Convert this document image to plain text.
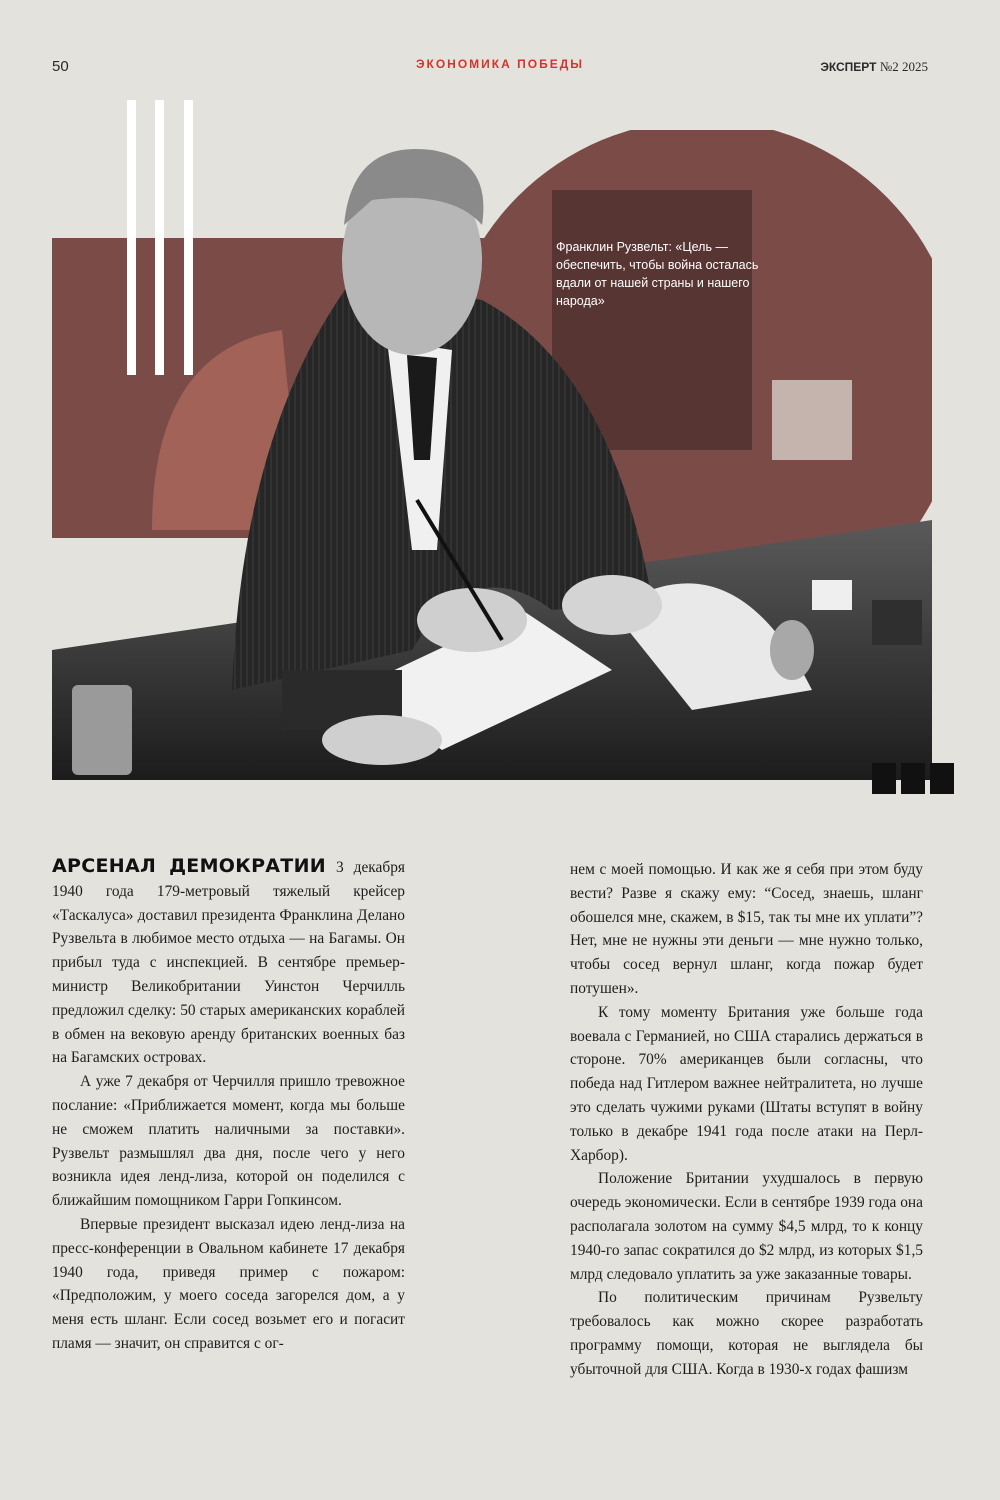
50	ЭКОНОМИКА ПОБЕДЫ	ЭКСПЕРТ №2 2025
Франклин Рузвельт: «Цель — обеспечить, чтобы война осталась вдали от нашей страны и нашего народа»

АРСЕНАЛ ДЕМОКРАТИИ 3 декабря 1940 года 179-метровый тяжелый крейсер «Таскалуса» доставил президента Франклина Делано Рузвельта в любимое место отдыха — на Багамы. Он прибыл туда с инспекцией. В сентябре премьер-министр Великобритании Уинстон Черчилль предложил сделку: 50 старых американских кораблей в обмен на вековую аренду британских военных баз на Багамских островах.

А уже 7 декабря от Черчилля пришло тревожное послание: «Приближается момент, когда мы больше не сможем платить наличными за поставки». Рузвельт размышлял два дня, после чего у него возникла идея ленд-лиза, которой он поделился с ближайшим помощником Гарри Гопкинсом.

Впервые президент высказал идею ленд-лиза на пресс-конференции в Овальном кабинете 17 декабря 1940 года, приведя пример с пожаром: «Предположим, у моего соседа загорелся дом, а у меня есть шланг. Если сосед возьмет его и погасит пламя — значит, он справится с ог-

нем с моей помощью. И как же я себя при этом буду вести? Разве я скажу ему: “Сосед, знаешь, шланг обошелся мне, скажем, в $15, так ты мне их уплати”? Нет, мне не нужны эти деньги — мне нужно только, чтобы сосед вернул шланг, когда пожар будет потушен».

К тому моменту Британия уже больше года воевала с Германией, но США старались держаться в стороне. 70% американцев были согласны, что победа над Гитлером важнее нейтралитета, но лучше это сделать чужими руками (Штаты вступят в войну только в декабре 1941 года после атаки на Перл-Харбор).

Положение Британии ухудшалось в первую очередь экономически. Если в сентябре 1939 года она располагала золотом на сумму $4,5 млрд, то к концу 1940-го запас сократился до $2 млрд, из которых $1,5 млрд следовало уплатить за уже заказанные товары.

По политическим причинам Рузвельту требовалось как можно скорее разработать программу помощи, которая не выглядела бы убыточной для США. Когда в 1930-х годах фашизм
